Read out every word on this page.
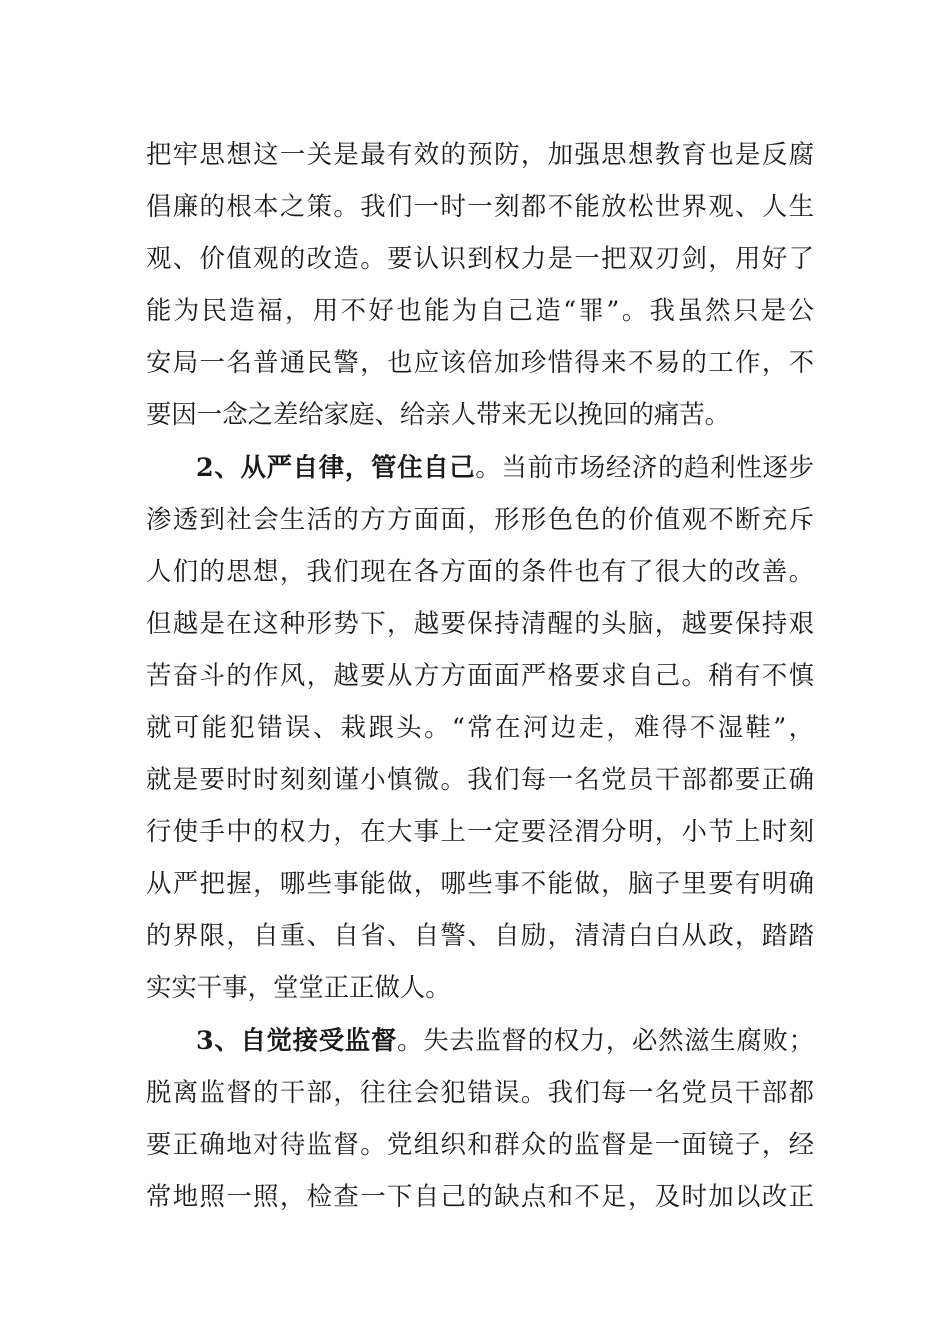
把牢思想这一关是最有效的预防，加强思想教育也是反腐
倡廉的根本之策。我们一时一刻都不能放松世界观、人生
观、价值观的改造。要认识到权力是一把双刃剑，用好了
能为民造福，用不好也能为自己造“罪”。我虽然只是公
安局一名普通民警，也应该倍加珍惜得来不易的工作，不
要因一念之差给家庭、给亲人带来无以挽回的痛苦。
2、从严自律，管住自己。当前市场经济的趋利性逐步
渗透到社会生活的方方面面，形形色色的价值观不断充斥
人们的思想，我们现在各方面的条件也有了很大的改善。
但越是在这种形势下，越要保持清醒的头脑，越要保持艰
苦奋斗的作风，越要从方方面面严格要求自己。稍有不慎
就可能犯错误、栽跟头。“常在河边走，难得不湿鞋”，
就是要时时刻刻谨小慎微。我们每一名党员干部都要正确
行使手中的权力，在大事上一定要泾渭分明，小节上时刻
从严把握，哪些事能做，哪些事不能做，脑子里要有明确
的界限，自重、自省、自警、自励，清清白白从政，踏踏
实实干事，堂堂正正做人。
3、自觉接受监督。失去监督的权力，必然滋生腐败；
脱离监督的干部，往往会犯错误。我们每一名党员干部都
要正确地对待监督。党组织和群众的监督是一面镜子，经
常地照一照，检查一下自己的缺点和不足，及时加以改正
